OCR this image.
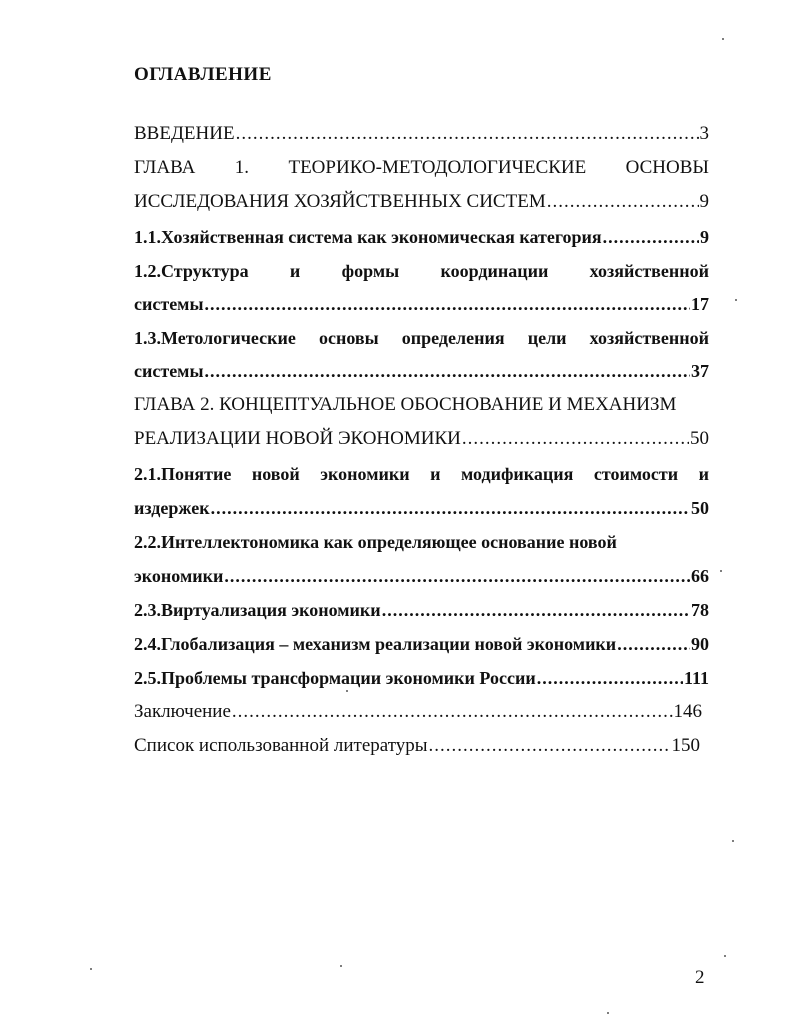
ОГЛАВЛЕНИЕ
ВВЕДЕНИЕ .....	3
ГЛАВА 1. ТЕОРИКО-МЕТОДОЛОГИЧЕСКИЕ ОСНОВЫ
ИССЛЕДОВАНИЯ ХОЗЯЙСТВЕННЫХ СИСТЕМ .....	9
1.1.Хозяйственная система как экономическая категория .....	9
1.2.Структура и формы координации хозяйственной
системы .....	17
1.3.Метологические основы определения цели хозяйственной
системы .....	37
ГЛАВА 2. КОНЦЕПТУАЛЬНОЕ ОБОСНОВАНИЕ И МЕХАНИЗМ
РЕАЛИЗАЦИИ НОВОЙ ЭКОНОМИКИ .....	50
2.1.Понятие новой экономики и модификация стоимости и
издержек .....	50
2.2.Интеллектономика как определяющее основание новой
экономики .....	66
2.3.Виртуализация экономики .....	78
2.4.Глобализация – механизм реализации новой экономики .....	90
2.5.Проблемы трансформации экономики России .....	111
Заключение .....	146
Список использованной литературы .....	150
2
